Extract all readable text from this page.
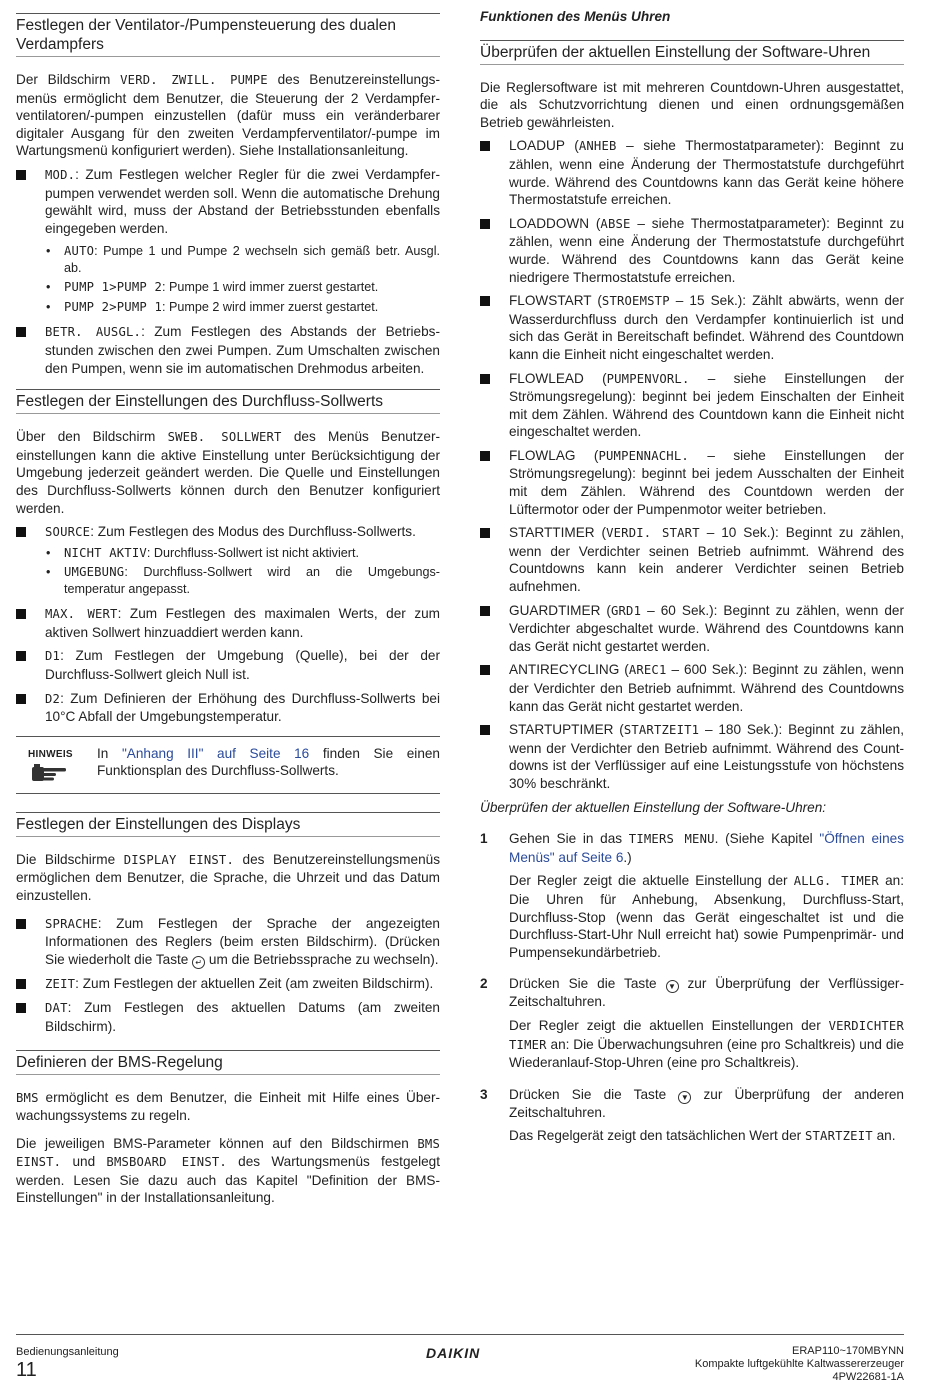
Festlegen der Ventilator-/Pumpensteuerung des dualen Verdampfers

Der Bildschirm VERD. ZWILL. PUMPE des Benutzereinstellungs-menüs ermöglicht dem Benutzer, die Steuerung der 2 Verdampfer-ventilatoren/-pumpen einzustellen (dafür muss ein veränderbarer digitaler Ausgang für den zweiten Verdampferventilator/-pumpe im Wartungsmenü konfiguriert werden). Siehe Installationsanleitung.

MOD.: Zum Festlegen welcher Regler für die zwei Verdampfer-pumpen verwendet werden soll. Wenn die automatische Drehung gewählt wird, muss der Abstand der Betriebsstunden ebenfalls eingegeben werden.
• AUTO: Pumpe 1 und Pumpe 2 wechseln sich gemäß betr. Ausgl. ab.
• PUMP 1>PUMP 2: Pumpe 1 wird immer zuerst gestartet.
• PUMP 2>PUMP 1: Pumpe 2 wird immer zuerst gestartet.
BETR. AUSGL.: Zum Festlegen des Abstands der Betriebs-stunden zwischen den zwei Pumpen. Zum Umschalten zwischen den Pumpen, wenn sie im automatischen Drehmodus arbeiten.
Festlegen der Einstellungen des Durchfluss-Sollwerts

Über den Bildschirm SWEB. SOLLWERT des Menüs Benutzer-einstellungen kann die aktive Einstellung unter Berücksichtigung der Umgebung jederzeit geändert werden. Die Quelle und Einstellungen des Durchfluss-Sollwerts können durch den Benutzer konfiguriert werden.

SOURCE: Zum Festlegen des Modus des Durchfluss-Sollwerts.
• NICHT AKTIV: Durchfluss-Sollwert ist nicht aktiviert.
• UMGEBUNG: Durchfluss-Sollwert wird an die Umgebungs-temperatur angepasst.
MAX. WERT: Zum Festlegen des maximalen Werts, der zum aktiven Sollwert hinzuaddiert werden kann.
D1: Zum Festlegen der Umgebung (Quelle), bei der der Durchfluss-Sollwert gleich Null ist.
D2: Zum Definieren der Erhöhung des Durchfluss-Sollwerts bei 10°C Abfall der Umgebungstemperatur.
HINWEIS In "Anhang III" auf Seite 16 finden Sie einen Funktionsplan des Durchfluss-Sollwerts.
Festlegen der Einstellungen des Displays

Die Bildschirme DISPLAY EINST. des Benutzereinstellungsmenüs ermöglichen dem Benutzer, die Sprache, die Uhrzeit und das Datum einzustellen.

SPRACHE: Zum Festlegen der Sprache der angezeigten Informationen des Reglers (beim ersten Bildschirm). (Drücken Sie wiederholt die Taste ↵ um die Betriebssprache zu wechseln).
ZEIT: Zum Festlegen der aktuellen Zeit (am zweiten Bildschirm).
DAT: Zum Festlegen des aktuellen Datums (am zweiten Bildschirm).
Definieren der BMS-Regelung

BMS ermöglicht es dem Benutzer, die Einheit mit Hilfe eines Über-wachungssystems zu regeln.

Die jeweiligen BMS-Parameter können auf den Bildschirmen BMS EINST. und BMSBOARD EINST. des Wartungsmenüs festgelegt werden. Lesen Sie dazu auch das Kapitel "Definition der BMS-Einstellungen" in der Installationsanleitung.

Funktionen des Menüs Uhren
Überprüfen der aktuellen Einstellung der Software-Uhren

Die Reglersoftware ist mit mehreren Countdown-Uhren ausgestattet, die als Schutzvorrichtung dienen und einen ordnungsgemäßen Betrieb gewährleisten.

LOADUP (ANHEB – siehe Thermostatparameter): Beginnt zu zählen, wenn eine Änderung der Thermostatstufe durchgeführt wurde. Während des Countdowns kann das Gerät keine höhere Thermostatstufe erreichen.
LOADDOWN (ABSE – siehe Thermostatparameter): Beginnt zu zählen, wenn eine Änderung der Thermostatstufe durchgeführt wurde. Während des Countdowns kann das Gerät keine niedrigere Thermostatstufe erreichen.
FLOWSTART (STROEMSTP – 15 Sek.): Zählt abwärts, wenn der Wasserdurchfluss durch den Verdampfer kontinuierlich ist und sich das Gerät in Bereitschaft befindet. Während des Countdown kann die Einheit nicht eingeschaltet werden.
FLOWLEAD (PUMPENVORL. – siehe Einstellungen der Strömungsregelung): beginnt bei jedem Einschalten der Einheit mit dem Zählen. Während des Countdown kann die Einheit nicht eingeschaltet werden.
FLOWLAG (PUMPENNACHL. – siehe Einstellungen der Strömungsregelung): beginnt bei jedem Ausschalten der Einheit mit dem Zählen. Während des Countdown werden der Lüftermotor oder der Pumpenmotor weiter betrieben.
STARTTIMER (VERDI. START – 10 Sek.): Beginnt zu zählen, wenn der Verdichter seinen Betrieb aufnimmt. Während des Countdowns kann kein anderer Verdichter seinen Betrieb aufnehmen.
GUARDTIMER (GRD1 – 60 Sek.): Beginnt zu zählen, wenn der Verdichter abgeschaltet wurde. Während des Countdowns kann das Gerät nicht gestartet werden.
ANTIRECYCLING (AREC1 – 600 Sek.): Beginnt zu zählen, wenn der Verdichter den Betrieb aufnimmt. Während des Countdowns kann das Gerät nicht gestartet werden.
STARTUPTIMER (STARTZEIT1 – 180 Sek.): Beginnt zu zählen, wenn der Verdichter den Betrieb aufnimmt. Während des Count-downs ist der Verflüssiger auf eine Leistungsstufe von höchstens 30% beschränkt.
Überprüfen der aktuellen Einstellung der Software-Uhren:
1 Gehen Sie in das TIMERS MENU. (Siehe Kapitel "Öffnen eines Menüs" auf Seite 6.)

Der Regler zeigt die aktuelle Einstellung der ALLG. TIMER an: Die Uhren für Anhebung, Absenkung, Durchfluss-Start, Durchfluss-Stop (wenn das Gerät eingeschaltet ist und die Durchfluss-Start-Uhr Null erreicht hat) sowie Pumpenprimär- und Pumpensekundärbetrieb.

2 Drücken Sie die Taste ▼ zur Überprüfung der Verflüssiger-Zeitschaltuhren.

Der Regler zeigt die aktuellen Einstellungen der VERDICHTER TIMER an: Die Überwachungsuhren (eine pro Schaltkreis) und die Wiederanlauf-Stop-Uhren (eine pro Schaltkreis).

3 Drücken Sie die Taste ▼ zur Überprüfung der anderen Zeitschaltuhren.

Das Regelgerät zeigt den tatsächlichen Wert der STARTZEIT an.

Bedienungsanleitung
11
DAIKIN	ERAP110~170MBYNN
Kompakte luftgekühlte Kaltwassererzeuger
4PW22681-1A
